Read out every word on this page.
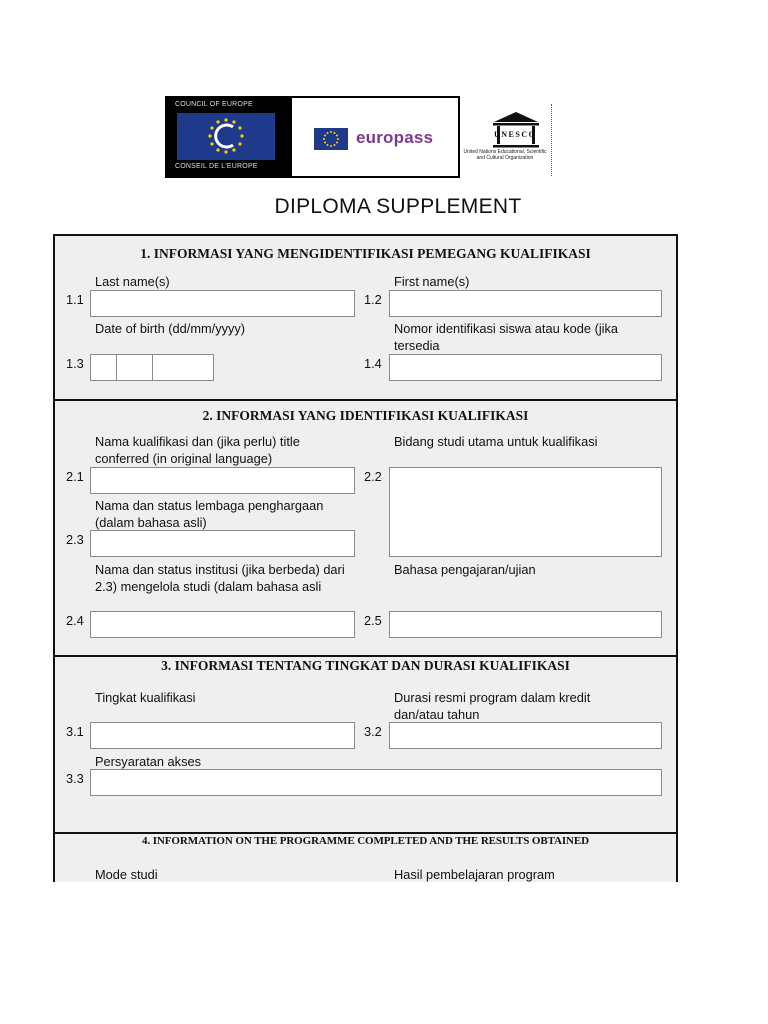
COUNCIL OF EUROPE
CONSEIL DE L'EUROPE
europass	UNESCO
United Nations Educational, Scientific and Cultural Organization
DIPLOMA SUPPLEMENT
1. INFORMASI YANG MENGIDENTIFIKASI PEMEGANG KUALIFIKASI
Last name(s)
1.1
First name(s)
1.2
Date of birth (dd/mm/yyyy)
1.3
Nomor identifikasi siswa atau kode (jika tersedia
1.4
2. INFORMASI YANG IDENTIFIKASI KUALIFIKASI
Nama kualifikasi dan (jika perlu) title conferred (in original language)
2.1
Bidang studi utama untuk kualifikasi
2.2
Nama dan status lembaga penghargaan (dalam bahasa asli)
2.3
Nama dan status institusi (jika berbeda) dari 2.3) mengelola studi (dalam bahasa asli
2.4
Bahasa pengajaran/ujian
2.5
3. INFORMASI TENTANG TINGKAT DAN DURASI KUALIFIKASI
Tingkat kualifikasi
3.1
Durasi resmi program dalam kredit dan/atau tahun
3.2
Persyaratan akses
3.3
4. INFORMATION ON THE PROGRAMME COMPLETED AND THE RESULTS OBTAINED
Mode studi	Hasil pembelajaran program
